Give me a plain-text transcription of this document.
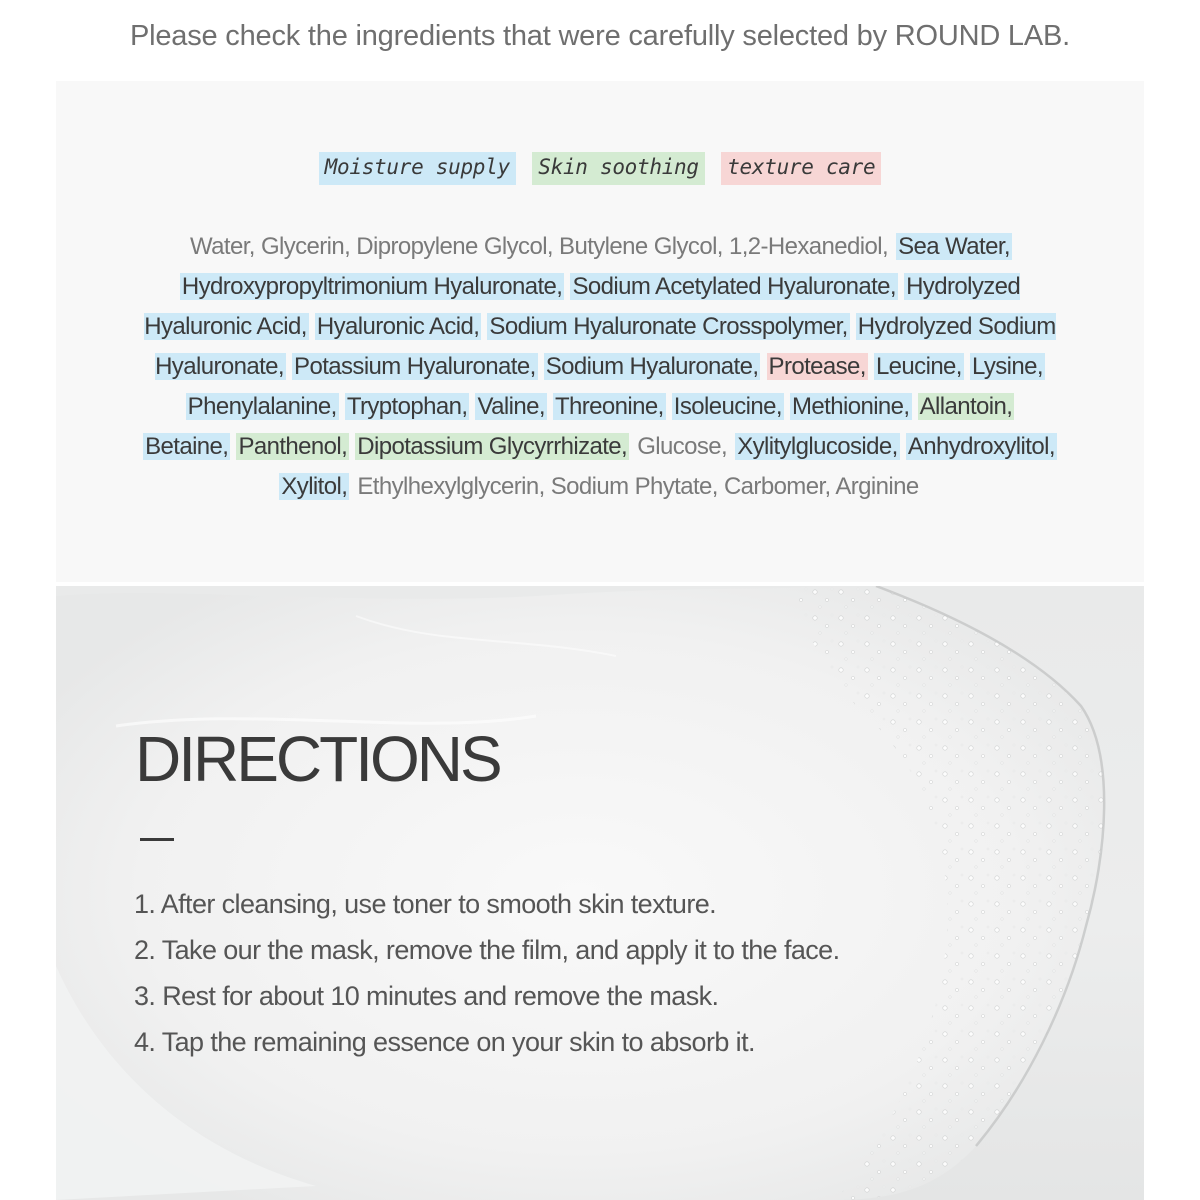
Please check the ingredients that were carefully selected by ROUND LAB.
Moisture supply Skin soothing texture care
Water, Glycerin, Dipropylene Glycol, Butylene Glycol, 1,2-Hexanediol, Sea Water, Hydroxypropyltrimonium Hyaluronate, Sodium Acetylated Hyaluronate, Hydrolyzed Hyaluronic Acid, Hyaluronic Acid, Sodium Hyaluronate Crosspolymer, Hydrolyzed Sodium Hyaluronate, Potassium Hyaluronate, Sodium Hyaluronate, Protease, Leucine, Lysine, Phenylalanine, Tryptophan, Valine, Threonine, Isoleucine, Methionine, Allantoin, Betaine, Panthenol, Dipotassium Glycyrrhizate, Glucose, Xylitylglucoside, Anhydroxylitol, Xylitol, Ethylhexylglycerin, Sodium Phytate, Carbomer, Arginine
DIRECTIONS
1. After cleansing, use toner to smooth skin texture.
2. Take our the mask, remove the film, and apply it to the face.
3. Rest for about 10 minutes and remove the mask.
4. Tap the remaining essence on your skin to absorb it.
